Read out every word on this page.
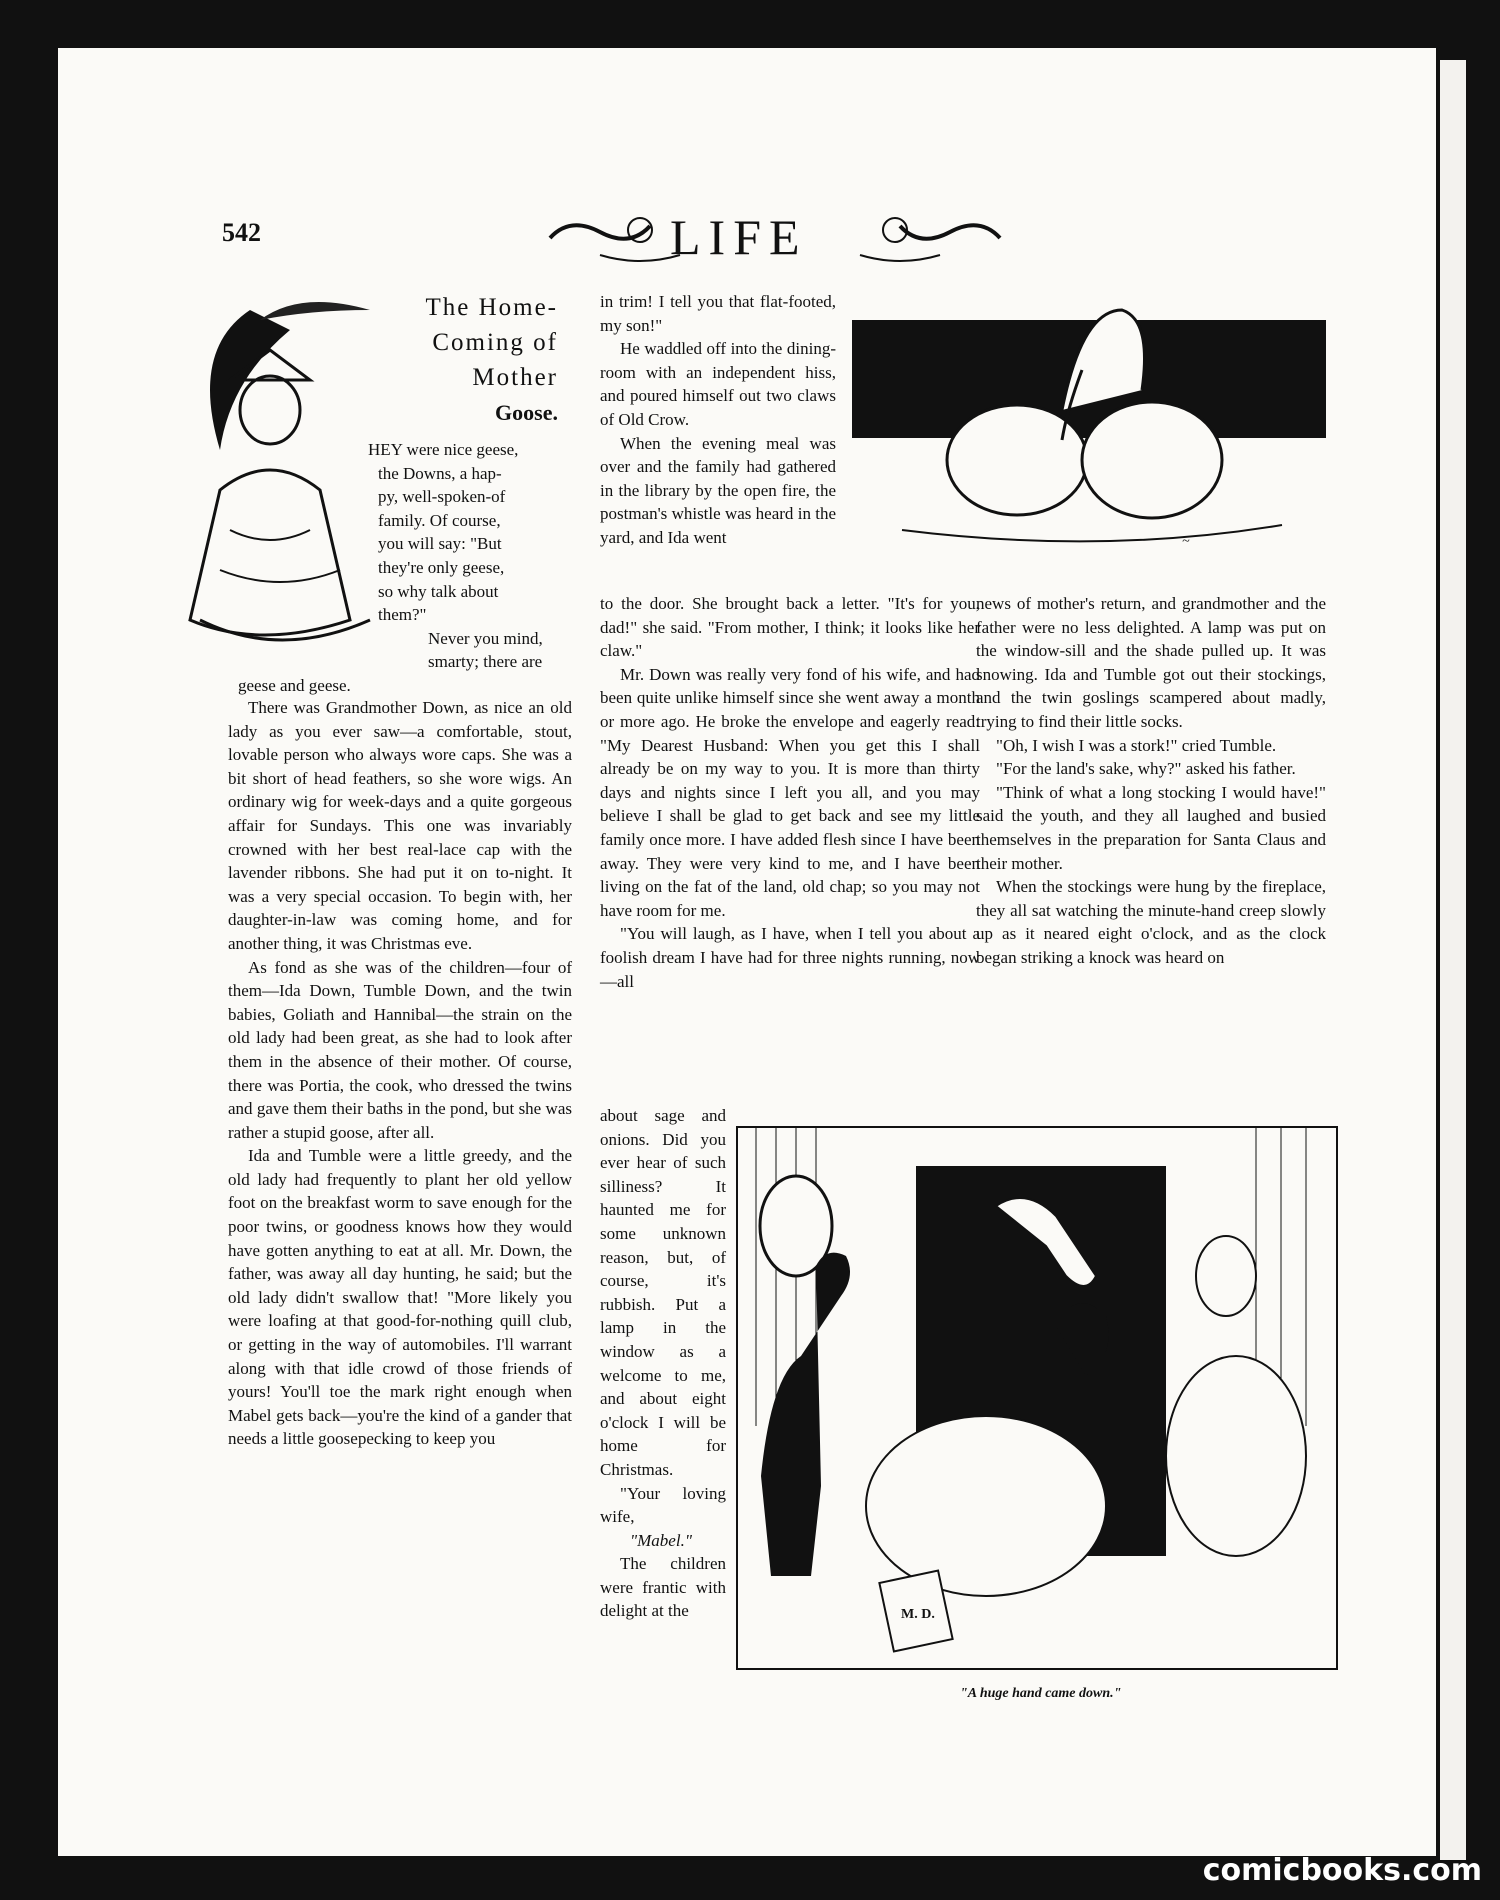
542	LIFE
The Home-
Coming of
Mother
Goose.
HEY were nice geese,
the Downs, a hap-
py, well-spoken-of
family. Of course,
you will say: "But
they're only geese,
so why talk about
them?"
Never you mind,
smarty; there are
geese and geese.

There was Grandmother Down, as nice an old lady as you ever saw—a comfortable, stout, lovable person who always wore caps. She was a bit short of head feathers, so she wore wigs. An ordinary wig for week-days and a quite gorgeous affair for Sundays. This one was invariably crowned with her best real-lace cap with the lavender ribbons. She had put it on to-night. It was a very special occasion. To begin with, her daughter-in-law was coming home, and for another thing, it was Christmas eve.

As fond as she was of the children—four of them—Ida Down, Tumble Down, and the twin babies, Goliath and Hannibal—the strain on the old lady had been great, as she had to look after them in the absence of their mother. Of course, there was Portia, the cook, who dressed the twins and gave them their baths in the pond, but she was rather a stupid goose, after all.

Ida and Tumble were a little greedy, and the old lady had frequently to plant her old yellow foot on the breakfast worm to save enough for the poor twins, or goodness knows how they would have gotten anything to eat at all. Mr. Down, the father, was away all day hunting, he said; but the old lady didn't swallow that! "More likely you were loafing at that good-for-nothing quill club, or getting in the way of automobiles. I'll warrant along with that idle crowd of those friends of yours! You'll toe the mark right enough when Mabel gets back—you're the kind of a gander that needs a little goosepecking to keep you

in trim! I tell you that flat-footed, my son!"

He waddled off into the dining-room with an independent hiss, and poured himself out two claws of Old Crow.

When the evening meal was over and the family had gathered in the library by the open fire, the postman's whistle was heard in the yard, and Ida went	~

to the door. She brought back a letter. "It's for you, dad!" she said. "From mother, I think; it looks like her claw."

Mr. Down was really very fond of his wife, and had been quite unlike himself since she went away a month or more ago. He broke the envelope and eagerly read: "My Dearest Husband: When you get this I shall already be on my way to you. It is more than thirty days and nights since I left you all, and you may believe I shall be glad to get back and see my little family once more. I have added flesh since I have been away. They were very kind to me, and I have been living on the fat of the land, old chap; so you may not have room for me.

"You will laugh, as I have, when I tell you about a foolish dream I have had for three nights running, now—all

about sage and onions. Did you ever hear of such silliness? It haunted me for some unknown reason, but, of course, it's rubbish. Put a lamp in the window as a welcome to me, and about eight o'clock I will be home for Christmas.

"Your loving wife,

"Mabel."

The children were frantic with delight at the

news of mother's return, and grandmother and the father were no less delighted. A lamp was put on the window-sill and the shade pulled up. It was snowing. Ida and Tumble got out their stockings, and the twin goslings scampered about madly, trying to find their little socks.

"Oh, I wish I was a stork!" cried Tumble.

"For the land's sake, why?" asked his father.

"Think of what a long stocking I would have!" said the youth, and they all laughed and busied themselves in the preparation for Santa Claus and their mother.

When the stockings were hung by the fireplace, they all sat watching the minute-hand creep slowly up as it neared eight o'clock, and as the clock began striking a knock was heard on

M. D.
"A huge hand came down."
comicbooks.com
